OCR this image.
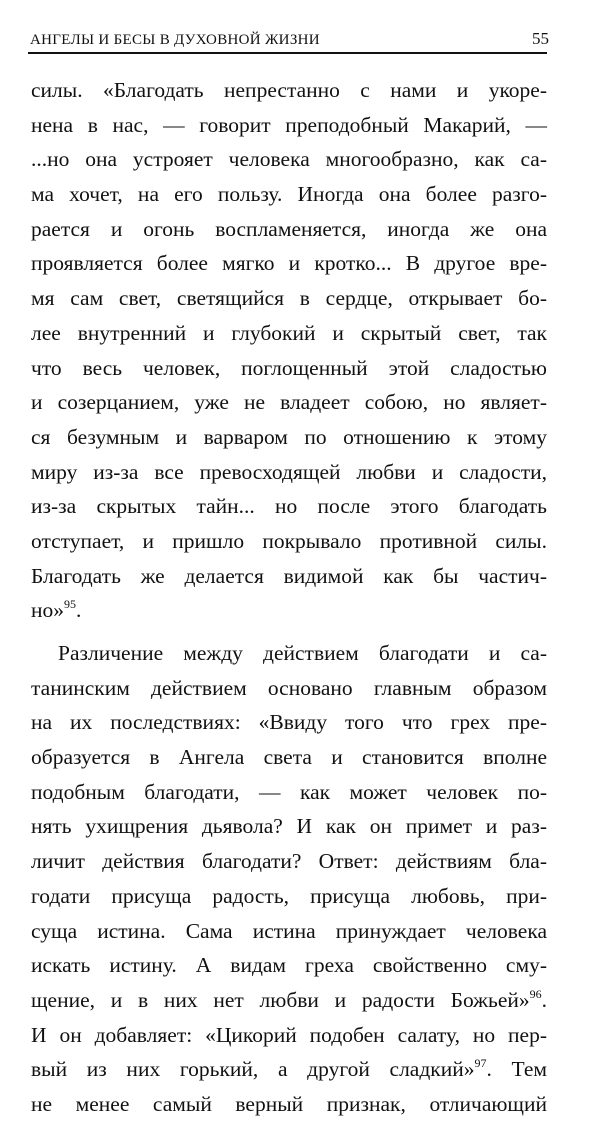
АНГЕЛЫ И БЕСЫ В ДУХОВНОЙ ЖИЗНИ	55
силы. «Благодать непрестанно с нами и укоре-
нена в нас, — говорит преподобный Макарий, —
...но она устрояет человека многообразно, как са-
ма хочет, на его пользу. Иногда она более разго-
рается и огонь воспламеняется, иногда же она
проявляется более мягко и кротко... В другое вре-
мя сам свет, светящийся в сердце, открывает бо-
лее внутренний и глубокий и скрытый свет, так
что весь человек, поглощенный этой сладостью
и созерцанием, уже не владеет собою, но являет-
ся безумным и варваром по отношению к этому
миру из-за все превосходящей любви и сладости,
из-за скрытых тайн... но после этого благодать
отступает, и пришло покрывало противной силы.
Благодать же делается видимой как бы частич-
но»$^{95}$.
Различение между действием благодати и са-
танинским действием основано главным образом
на их последствиях: «Ввиду того что грех пре-
образуется в Ангела света и становится вполне
подобным благодати, — как может человек по-
нять ухищрения дьявола? И как он примет и раз-
личит действия благодати? Ответ: действиям бла-
годати присуща радость, присуща любовь, при-
суща истина. Сама истина принуждает человека
искать истину. А видам греха свойственно сму-
щение, и в них нет любви и радости Божьей»$^{96}$.
И он добавляет: «Цикорий подобен салату, но пер-
вый из них горький, а другой сладкий»$^{97}$. Тем
не менее самый верный признак, отличающий
